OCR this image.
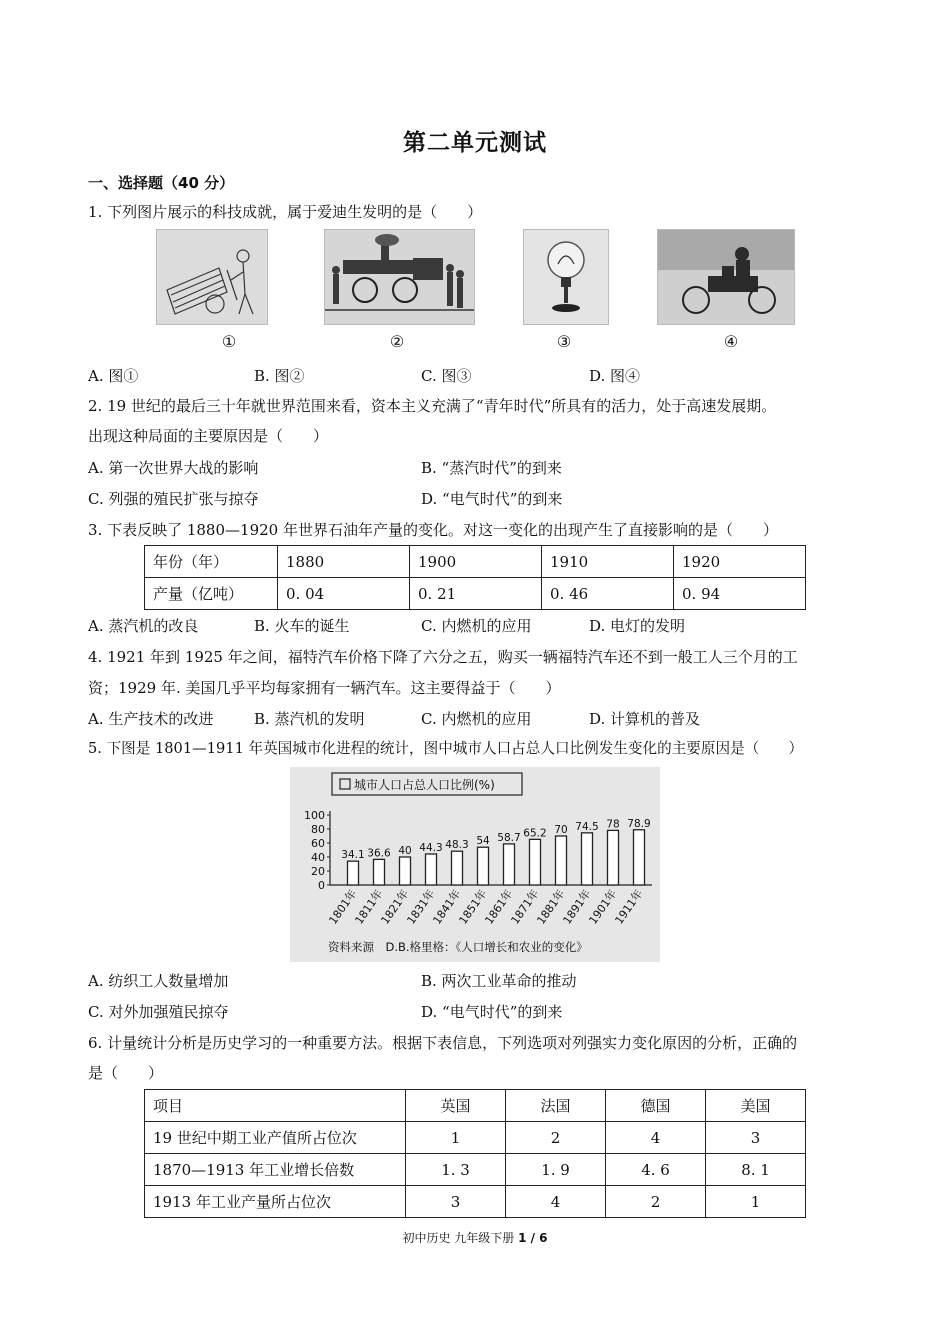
第二单元测试
一、选择题（40 分）
1. 下列图片展示的科技成就，属于爱迪生发明的是（　　）
①	②	③	④
A. 图①	B. 图②	C. 图③	D. 图④
2. 19 世纪的最后三十年就世界范围来看，资本主义充满了“青年时代”所具有的活力，处于高速发展期。
出现这种局面的主要原因是（　　）
A. 第一次世界大战的影响	B. “蒸汽时代”的到来
C. 列强的殖民扩张与掠夺	D. “电气时代”的到来
3. 下表反映了 1880—1920 年世界石油年产量的变化。对这一变化的出现产生了直接影响的是（　　）
年份（年）	1880	1900	1910	1920
产量（亿吨）	0. 04	0. 21	0. 46	0. 94
A. 蒸汽机的改良	B. 火车的诞生	C. 内燃机的应用	D. 电灯的发明
4. 1921 年到 1925 年之间，福特汽车价格下降了六分之五，购买一辆福特汽车还不到一般工人三个月的工
资；1929 年. 美国几乎平均每家拥有一辆汽车。这主要得益于（　　）
A. 生产技术的改进	B. 蒸汽机的发明	C. 内燃机的应用	D. 计算机的普及
5. 下图是 1801—1911 年英国城市化进程的统计，图中城市人口占总人口比例发生变化的主要原因是（　　）
城市人口占总人口比例(%)
100
80
60
40
20
0
34.1
1801年
36.6
1811年
40
1821年
44.3
1831年
48.3
1841年
54
1851年
58.7
1861年
65.2
1871年
70
1881年
74.5
1891年
78
1901年
78.9
1911年
资料来源　D.B.格里格：《人口增长和农业的变化》
A. 纺织工人数量增加	B. 两次工业革命的推动
C. 对外加强殖民掠夺	D. “电气时代”的到来
6. 计量统计分析是历史学习的一种重要方法。根据下表信息，下列选项对列强实力变化原因的分析，正确的
是（　　）
项目	英国	法国	德国	美国
19 世纪中期工业产值所占位次	1	2	4	3
1870—1913 年工业增长倍数	1. 3	1. 9	4. 6	8. 1
1913 年工业产量所占位次	3	4	2	1
初中历史 九年级下册 1 / 6
